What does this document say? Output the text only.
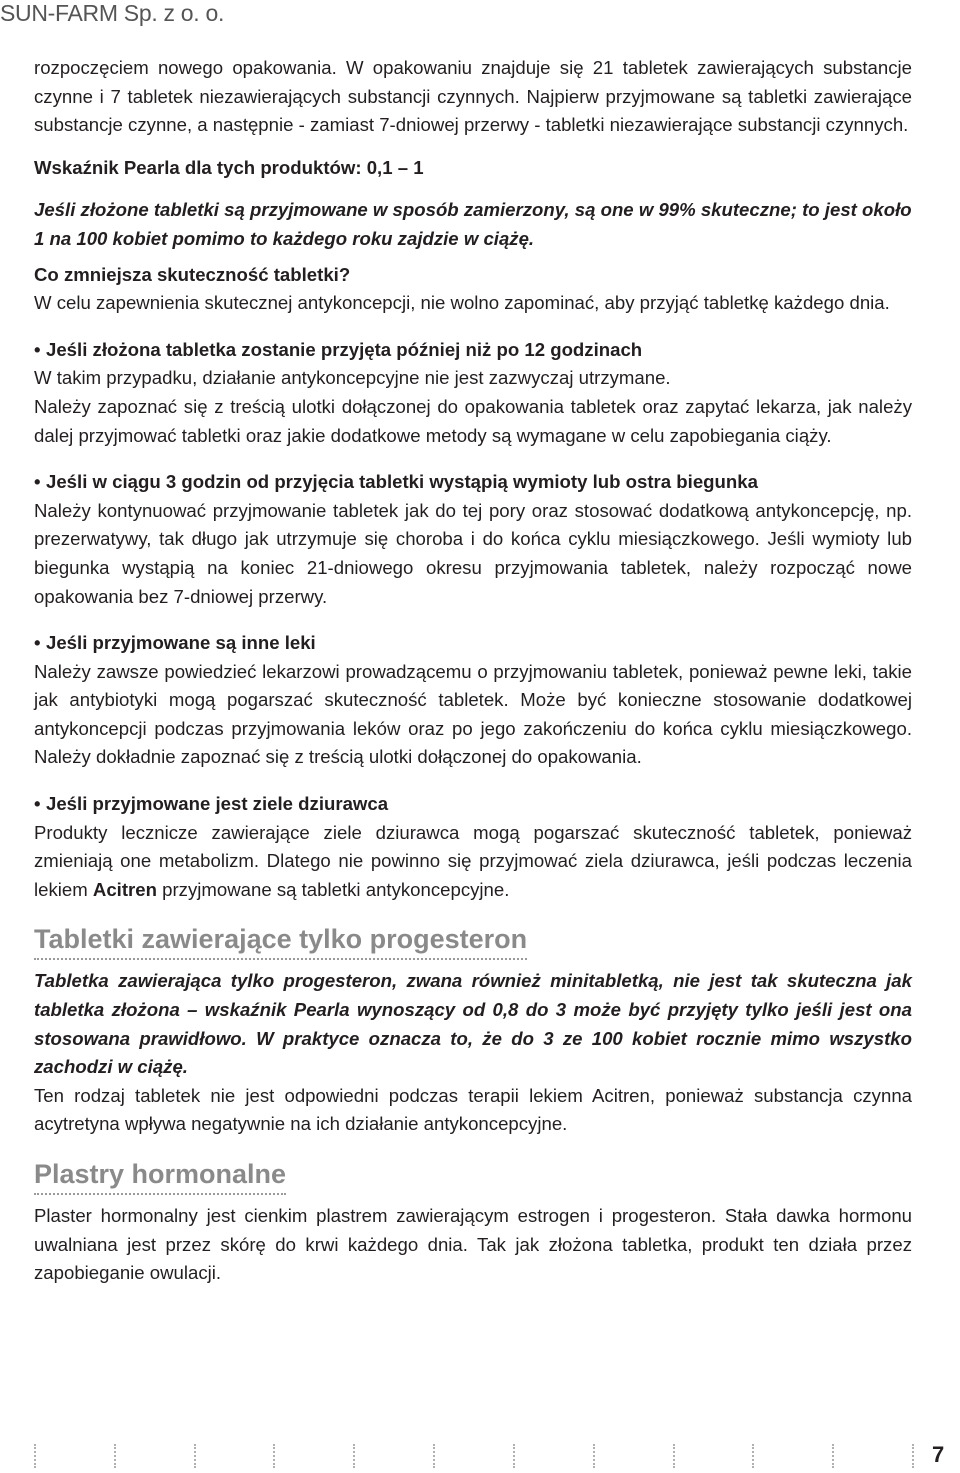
SUN-FARM Sp. z o. o.

rozpoczęciem nowego opakowania. W opakowaniu znajduje się 21 tabletek zawierających substancje czynne i 7 tabletek niezawierających substancji czynnych. Najpierw przyjmowane są tabletki zawierające substancje czynne, a następnie - zamiast 7-dniowej przerwy - tabletki niezawierające substancji czynnych.

Wskaźnik Pearla dla tych produktów: 0,1 – 1

Jeśli złożone tabletki są przyjmowane w sposób zamierzony, są one w 99% skuteczne; to jest około 1 na 100 kobiet pomimo to każdego roku zajdzie w ciążę.

Co zmniejsza skuteczność tabletki?

W celu zapewnienia skutecznej antykoncepcji, nie wolno zapominać, aby przyjąć tabletkę każdego dnia.

• Jeśli złożona tabletka zostanie przyjęta później niż po 12 godzinach

W takim przypadku, działanie antykoncepcyjne nie jest zazwyczaj utrzymane.

Należy zapoznać się z treścią ulotki dołączonej do opakowania tabletek oraz zapytać lekarza, jak należy dalej przyjmować tabletki oraz jakie dodatkowe metody są wymagane w celu zapobiegania ciąży.

• Jeśli w ciągu 3 godzin od przyjęcia tabletki wystąpią wymioty lub ostra biegunka

Należy kontynuować przyjmowanie tabletek jak do tej pory oraz stosować dodatkową antykoncepcję, np. prezerwatywy, tak długo jak utrzymuje się choroba i do końca cyklu miesiączkowego. Jeśli wymioty lub biegunka wystąpią na koniec 21-dniowego okresu przyjmowania tabletek, należy rozpocząć nowe opakowania bez 7-dniowej przerwy.

• Jeśli przyjmowane są inne leki

Należy zawsze powiedzieć lekarzowi prowadzącemu o przyjmowaniu tabletek, ponieważ pewne leki, takie jak antybiotyki mogą pogarszać skuteczność tabletek. Może być konieczne stosowanie dodatkowej antykoncepcji podczas przyjmowania leków oraz po jego zakończeniu do końca cyklu miesiączkowego. Należy dokładnie zapoznać się z treścią ulotki dołączonej do opakowania.

• Jeśli przyjmowane jest ziele dziurawca

Produkty lecznicze zawierające ziele dziurawca mogą pogarszać skuteczność tabletek, ponieważ zmieniają one metabolizm. Dlatego nie powinno się przyjmować ziela dziurawca, jeśli podczas leczenia lekiem Acitren przyjmowane są tabletki antykoncepcyjne.

Tabletki zawierające tylko progesteron

Tabletka zawierająca tylko progesteron, zwana również minitabletką, nie jest tak skuteczna jak tabletka złożona – wskaźnik Pearla wynoszący od 0,8 do 3 może być przyjęty tylko jeśli jest ona stosowana prawidłowo. W praktyce oznacza to, że do 3 ze 100 kobiet rocznie mimo wszystko zachodzi w ciążę.

Ten rodzaj tabletek nie jest odpowiedni podczas terapii lekiem Acitren, ponieważ substancja czynna acytretyna wpływa negatywnie na ich działanie antykoncepcyjne.

Plastry hormonalne

Plaster hormonalny jest cienkim plastrem zawierającym estrogen i progesteron. Stała dawka hormonu uwalniana jest przez skórę do krwi każdego dnia. Tak jak złożona tabletka, produkt ten działa przez zapobieganie owulacji.

7
